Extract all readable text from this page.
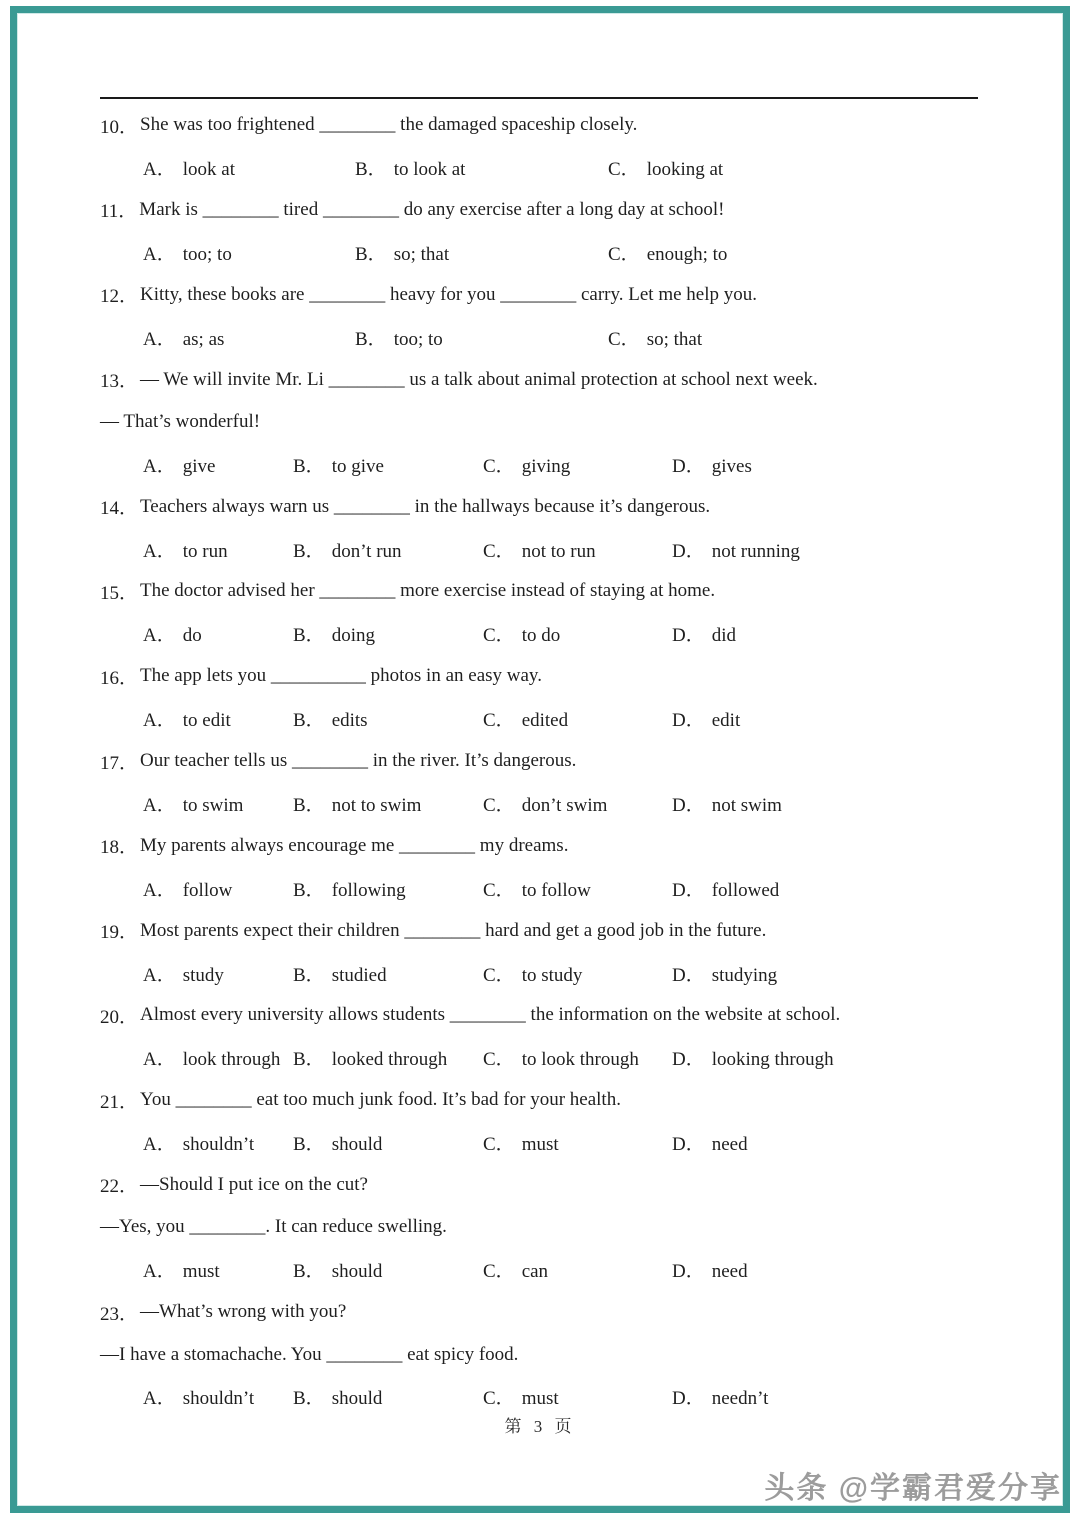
10． She was too frightened ________ the damaged spaceship closely.
A． look at	B． to look at	C． looking at
11． Mark is ________ tired ________ do any exercise after a long day at school!
A． too; to	B． so; that	C． enough; to
12． Kitty, these books are ________ heavy for you ________ carry. Let me help you.
A． as; as	B． too; to	C． so; that
13． — We will invite Mr. Li ________ us a talk about animal protection at school next week.
— That’s wonderful!
A． give	B． to give	C． giving	D． gives
14． Teachers always warn us ________ in the hallways because it’s dangerous.
A． to run	B． don’t run	C． not to run	D． not running
15． The doctor advised her ________ more exercise instead of staying at home.
A． do	B． doing	C． to do	D． did
16． The app lets you __________ photos in an easy way.
A． to edit	B． edits	C． edited	D． edit
17． Our teacher tells us ________ in the river. It’s dangerous.
A． to swim	B． not to swim	C． don’t swim	D． not swim
18． My parents always encourage me ________ my dreams.
A． follow	B． following	C． to follow	D． followed
19． Most parents expect their children ________ hard and get a good job in the future.
A． study	B． studied	C． to study	D． studying
20． Almost every university allows students ________ the information on the website at school.
A． look through B． looked through	C． to look through	D． looking through
21． You ________ eat too much junk food. It’s bad for your health.
A． shouldn’t	B． should	C． must	D． need
22． —Should I put ice on the cut?
—Yes, you ________. It can reduce swelling.
A． must	B． should	C． can	D． need
23． —What’s wrong with you?
—I have a stomachache. You ________ eat spicy food.
A． shouldn’t	B． should	C． must	D． needn’t
第 3 页
头条 @学霸君爱分享
